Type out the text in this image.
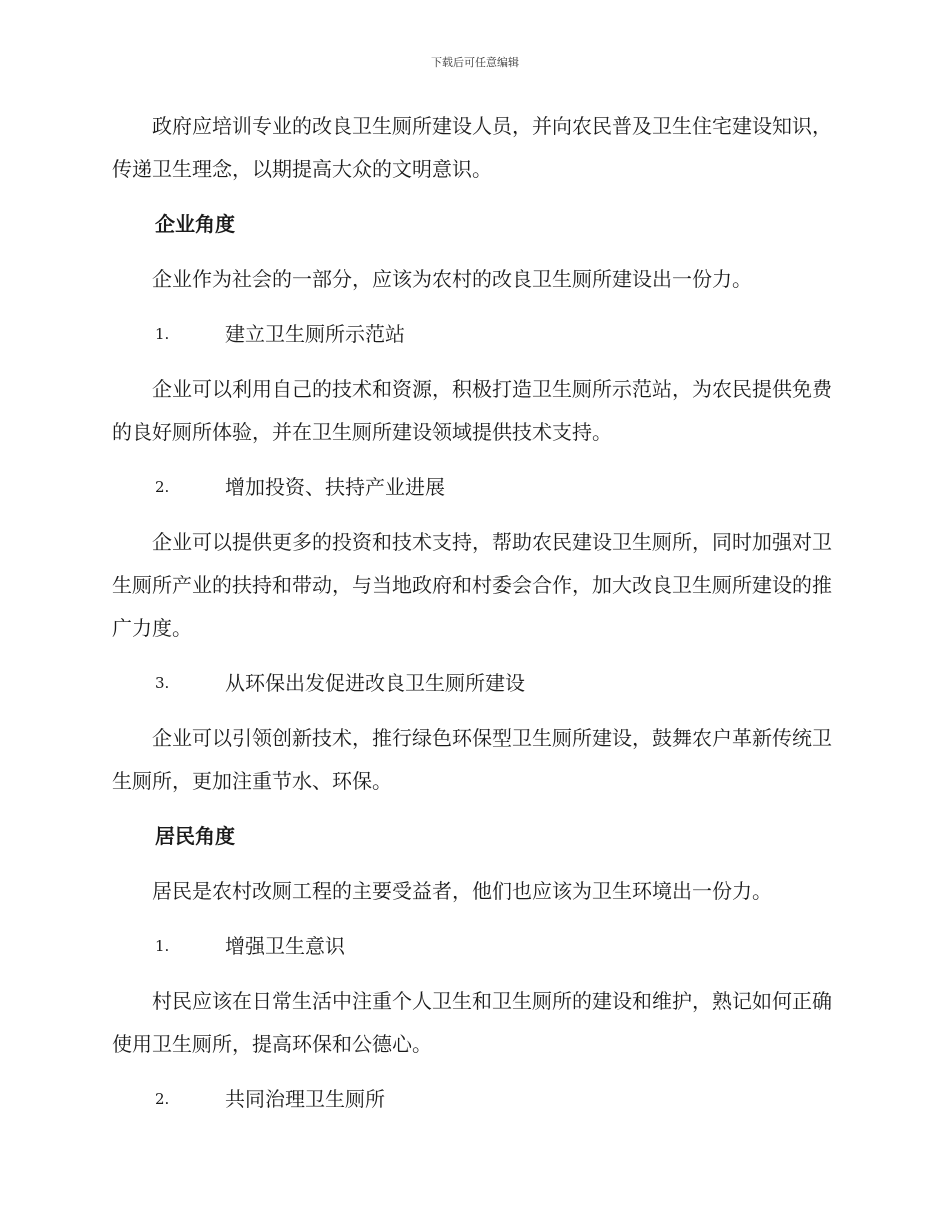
下载后可任意编辑

政府应培训专业的改良卫生厕所建设人员，并向农民普及卫生住宅建设知识，传递卫生理念，以期提高大众的文明意识。

企业角度

企业作为社会的一部分，应该为农村的改良卫生厕所建设出一份力。

1.	建立卫生厕所示范站

企业可以利用自己的技术和资源，积极打造卫生厕所示范站，为农民提供免费的良好厕所体验，并在卫生厕所建设领域提供技术支持。

2.	增加投资、扶持产业进展

企业可以提供更多的投资和技术支持，帮助农民建设卫生厕所，同时加强对卫生厕所产业的扶持和带动，与当地政府和村委会合作，加大改良卫生厕所建设的推广力度。

3.	从环保出发促进改良卫生厕所建设

企业可以引领创新技术，推行绿色环保型卫生厕所建设，鼓舞农户革新传统卫生厕所，更加注重节水、环保。

居民角度

居民是农村改厕工程的主要受益者，他们也应该为卫生环境出一份力。

1.	增强卫生意识

村民应该在日常生活中注重个人卫生和卫生厕所的建设和维护，熟记如何正确使用卫生厕所，提高环保和公德心。

2.	共同治理卫生厕所
